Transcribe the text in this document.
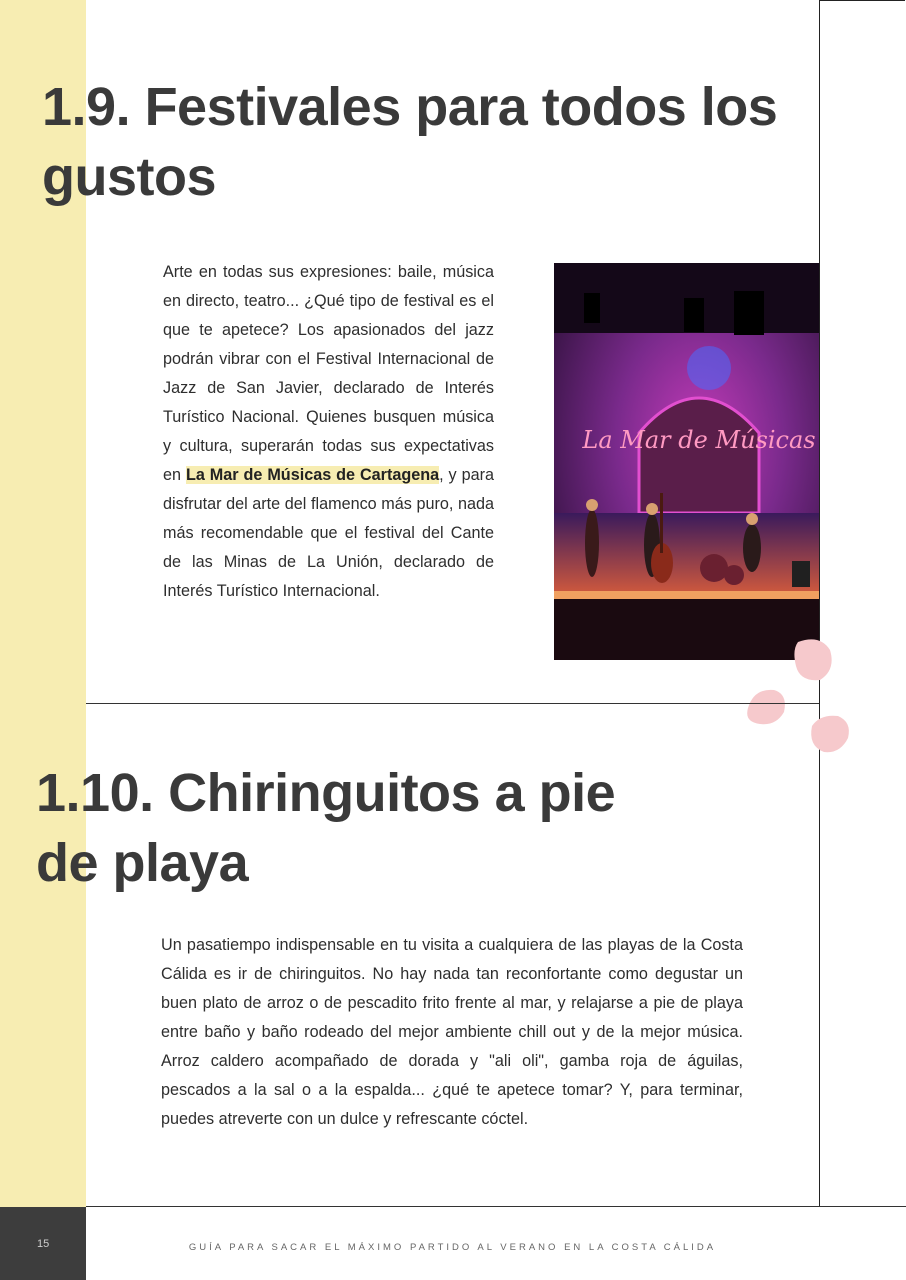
1.9. Festivales para todos los gustos

Arte en todas sus expresiones: baile, música en directo, teatro... ¿Qué tipo de festival es el que te apetece? Los apasionados del jazz podrán vibrar con el Festival Internacional de Jazz de San Javier, declarado de Interés Turístico Nacional. Quienes busquen música y cultura, superarán todas sus expectativas en La Mar de Músicas de Cartagena, y para disfrutar del arte del flamenco más puro, nada más recomendable que el festival del Cante de las Minas de La Unión, declarado de Interés Turístico Internacional.

La Mar de Músicas
1.10. Chiringuitos a pie de playa

Un pasatiempo indispensable en tu visita a cualquiera de las playas de la Costa Cálida es ir de chiringuitos. No hay nada tan reconfortante como degustar un buen plato de arroz o de pescadito frito frente al mar, y relajarse a pie de playa entre baño y baño rodeado del mejor ambiente chill out y de la mejor música. Arroz caldero acompañado de dorada y "ali oli", gamba roja de águilas, pescados a la sal o a la espalda... ¿qué te apetece tomar? Y, para terminar, puedes atreverte con un dulce y refrescante cóctel.

15	GUÍA PARA SACAR EL MÁXIMO PARTIDO AL VERANO EN LA COSTA CÁLIDA
